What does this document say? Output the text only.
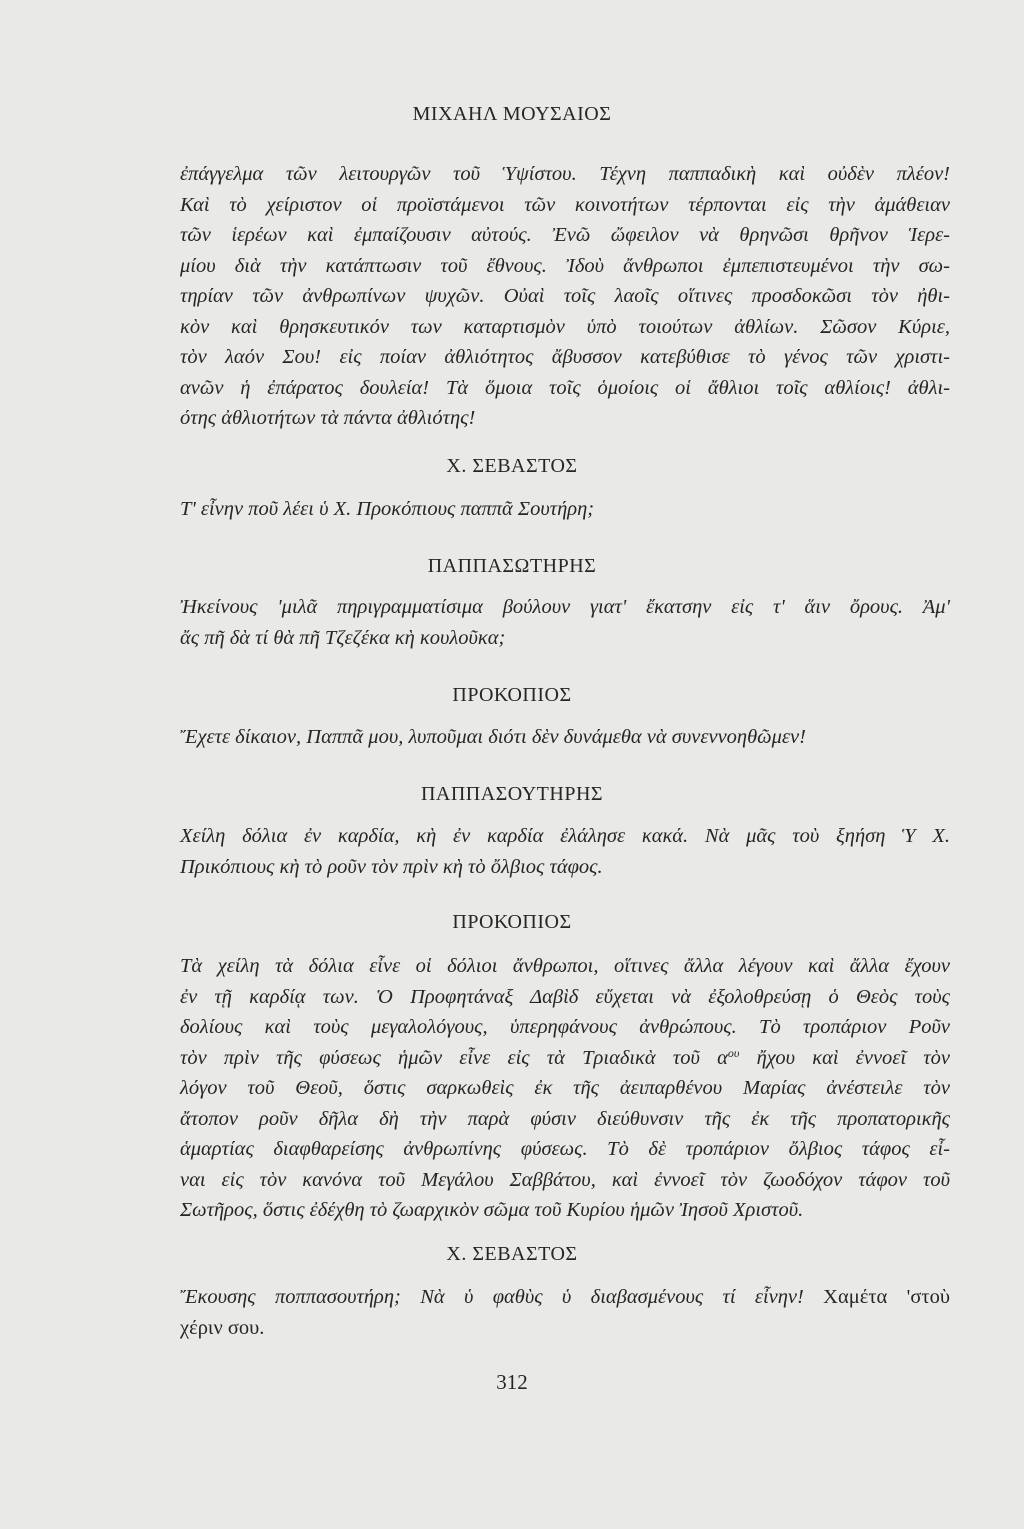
ΜΙΧΑΗΛ ΜΟΥΣΑΙΟΣ
ἐπάγγελμα τῶν λειτουργῶν τοῦ Ὑψίστου. Τέχνη παππαδικὴ καὶ οὐδὲν πλέον!
Καὶ τὸ χείριστον οἱ προϊστάμενοι τῶν κοινοτήτων τέρπονται εἰς τὴν ἀμάθειαν
τῶν ἱερέων καὶ ἐμπαίζουσιν αὐτούς. Ἐνῶ ὤφειλον νὰ θρηνῶσι θρῆνον Ἱερε-
μίου διὰ τὴν κατάπτωσιν τοῦ ἔθνους. Ἰδοὺ ἄνθρωποι ἐμπεπιστευμένοι τὴν σω-
τηρίαν τῶν ἀνθρωπίνων ψυχῶν. Οὐαὶ τοῖς λαοῖς οἵτινες προσδοκῶσι τὸν ἠθι-
κὸν καὶ θρησκευτικόν των καταρτισμὸν ὑπὸ τοιούτων ἀθλίων. Σῶσον Κύριε,
τὸν λαόν Σου! εἰς ποίαν ἀθλιότητος ἄβυσσον κατεβύθισε τὸ γένος τῶν χριστι-
ανῶν ἡ ἐπάρατος δουλεία! Τὰ ὅμοια τοῖς ὁμοίοις οἱ ἄθλιοι τοῖς αθλίοις! ἀθλι-
ότης ἀθλιοτήτων τὰ πάντα ἀθλιότης!
Χ. ΣΕΒΑΣΤΟΣ
Τ' εἶνην ποῦ λέει ὑ Χ. Προκόπιους παππᾶ Σουτήρη;
ΠΑΠΠΑΣΩΤΗΡΗΣ
Ἠκείνους 'μιλᾶ πηριγραμματίσιμα βούλουν γιατ' ἔκατσην εἰς τ' ἅιν ὄρους. Ἀμ'
ἄς πῆ δὰ τί θὰ πῆ Τζεζέκα κὴ κουλοῦκα;
ΠΡΟΚΟΠΙΟΣ
Ἔχετε δίκαιον, Παππᾶ μου, λυποῦμαι διότι δὲν δυνάμεθα νὰ συνεννοηθῶμεν!
ΠΑΠΠΑΣΟΥΤΗΡΗΣ
Χείλη δόλια ἐν καρδία, κὴ ἐν καρδία ἐλάλησε κακά. Νὰ μᾶς τοὺ ξηήση Ὑ Χ.
Πρικόπιους κὴ τὸ ρoῦν τὸν πρὶν κὴ τὸ ὄλβιος τάφος.
ΠΡΟΚΟΠΙΟΣ
Τὰ χείλη τὰ δόλια εἶνε οἱ δόλιοι ἄνθρωποι, οἵτινες ἄλλα λέγουν καὶ ἄλλα ἔχουν
ἐν τῇ καρδίᾳ των. Ὁ Προφητάναξ Δαβὶδ εὔχεται νὰ ἐξολοθρεύσῃ ὁ Θεὸς τοὺς
δολίους καὶ τοὺς μεγαλολόγους, ὑπερηφάνους ἀνθρώπους. Τὸ τροπάριον Ροῦν
τὸν πρὶν τῆς φύσεως ἡμῶν εἶνε εἰς τὰ Τριαδικὰ τοῦ $\alpha^{o\upsilon}$ ἤχου καὶ ἐννοεῖ τὸν
λόγον τοῦ Θεοῦ, ὅστις σαρκωθεὶς ἐκ τῆς ἀειπαρθένου Μαρίας ἀνέστειλε τὸν
ἄτοπον ροῦν δῆλα δὴ τὴν παρὰ φύσιν διεύθυνσιν τῆς ἐκ τῆς προπατορικῆς
ἁμαρτίας διαφθαρείσης ἀνθρωπίνης φύσεως. Τὸ δὲ τροπάριον ὄλβιος τάφος εἶ-
ναι εἰς τὸν κανόνα τοῦ Μεγάλου Σαββάτου, καὶ ἐννοεῖ τὸν ζωοδόχον τάφον τοῦ
Σωτῆρος, ὅστις ἐδέχθη τὸ ζωαρχικὸν σῶμα τοῦ Κυρίου ἡμῶν Ἰησοῦ Χριστοῦ.
Χ. ΣΕΒΑΣΤΟΣ
Ἔκουσης ποππασουτήρη; Νὰ ὑ φαθὺς ὑ διαβασμένους τί εἶνην! Χαμέτα 'στοὺ
χέριν σου.
312
